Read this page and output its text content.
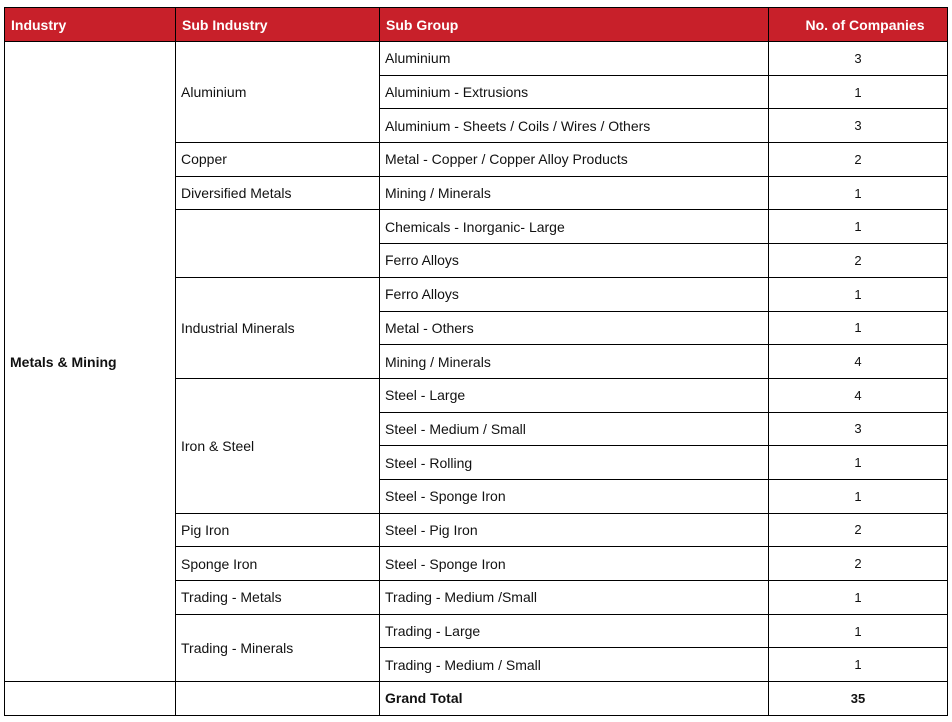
Industry	Sub Industry	Sub Group	No. of Companies
Metals & Mining	Aluminium	Aluminium	3
		Aluminium - Extrusions	1
		Aluminium - Sheets / Coils / Wires / Others	3
	Copper	Metal - Copper / Copper Alloy Products	2
	Diversified Metals	Mining / Minerals	1
		Chemicals - Inorganic- Large	1
		Ferro Alloys	2
	Industrial Minerals	Ferro Alloys	1
		Metal - Others	1
		Mining / Minerals	4
	Iron & Steel	Steel - Large	4
		Steel - Medium / Small	3
		Steel - Rolling	1
		Steel - Sponge Iron	1
	Pig Iron	Steel - Pig Iron	2
	Sponge Iron	Steel - Sponge Iron	2
	Trading - Metals	Trading - Medium /Small	1
	Trading - Minerals	Trading - Large	1
		Trading - Medium / Small	1
		Grand Total	35
